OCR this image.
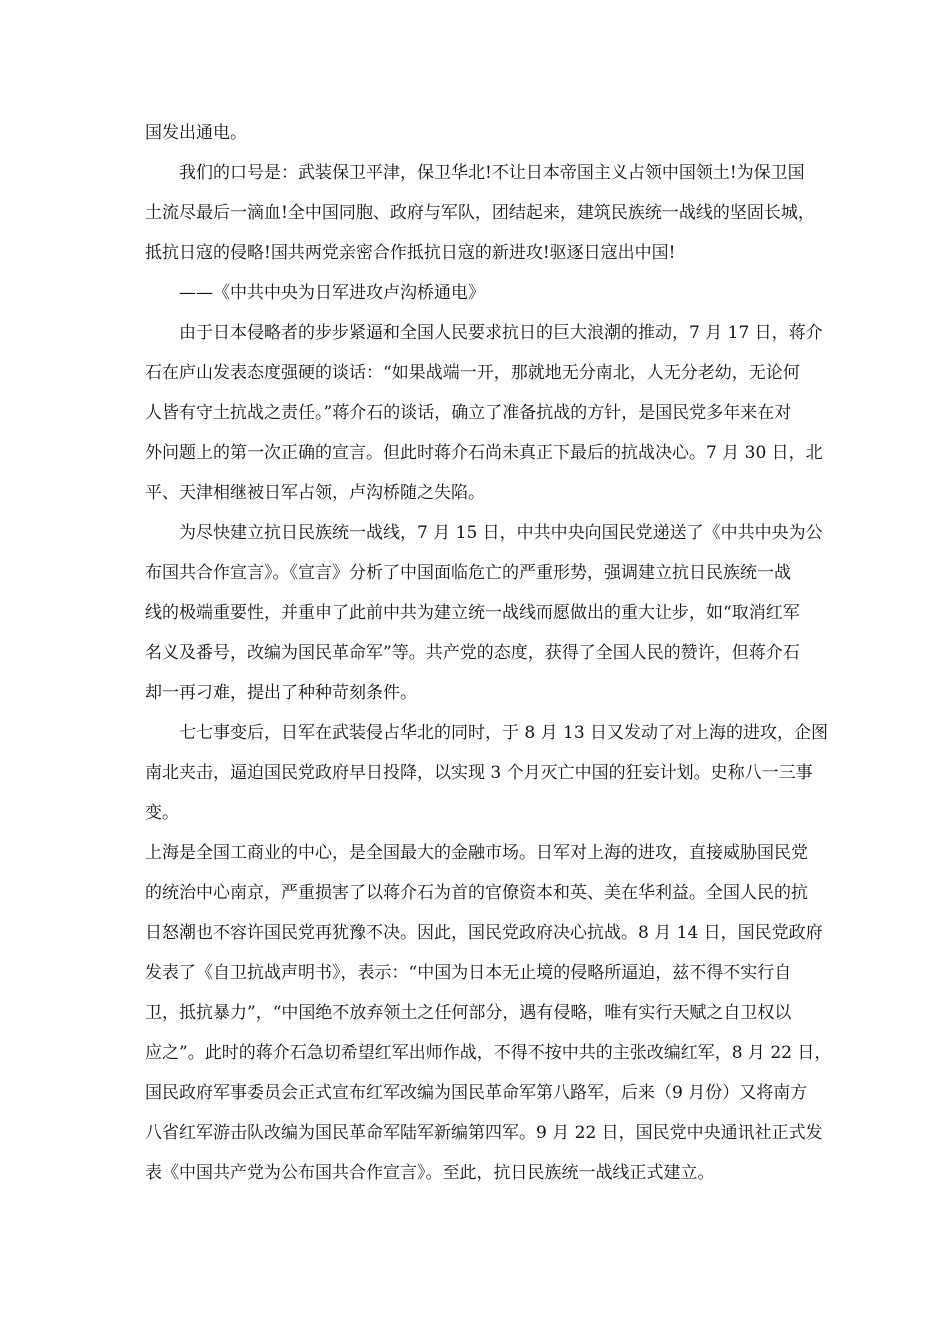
国发出通电。
我们的口号是：武装保卫平津，保卫华北!不让日本帝国主义占领中国领土!为保卫国
土流尽最后一滴血!全中国同胞、政府与军队，团结起来，建筑民族统一战线的坚固长城，
抵抗日寇的侵略!国共两党亲密合作抵抗日寇的新进攻!驱逐日寇出中国!
——《中共中央为日军进攻卢沟桥通电》
由于日本侵略者的步步紧逼和全国人民要求抗日的巨大浪潮的推动，7 月 17 日，蒋介
石在庐山发表态度强硬的谈话：“如果战端一开，那就地无分南北，人无分老幼，无论何
人皆有守土抗战之责任。”蒋介石的谈话，确立了准备抗战的方针，是国民党多年来在对
外问题上的第一次正确的宣言。但此时蒋介石尚未真正下最后的抗战决心。7 月 30 日，北
平、天津相继被日军占领，卢沟桥随之失陷。
为尽快建立抗日民族统一战线，7 月 15 日，中共中央向国民党递送了《中共中央为公
布国共合作宣言》。《宣言》分析了中国面临危亡的严重形势，强调建立抗日民族统一战
线的极端重要性，并重申了此前中共为建立统一战线而愿做出的重大让步，如“取消红军
名义及番号，改编为国民革命军”等。共产党的态度，获得了全国人民的赞许，但蒋介石
却一再刁难，提出了种种苛刻条件。
七七事变后，日军在武装侵占华北的同时，于 8 月 13 日又发动了对上海的进攻，企图
南北夹击，逼迫国民党政府早日投降，以实现 3 个月灭亡中国的狂妄计划。史称八一三事
变。
上海是全国工商业的中心，是全国最大的金融市场。日军对上海的进攻，直接威胁国民党
的统治中心南京，严重损害了以蒋介石为首的官僚资本和英、美在华利益。全国人民的抗
日怒潮也不容许国民党再犹豫不决。因此，国民党政府决心抗战。8 月 14 日，国民党政府
发表了《自卫抗战声明书》，表示：“中国为日本无止境的侵略所逼迫，兹不得不实行自
卫，抵抗暴力”，“中国绝不放弃领土之任何部分，遇有侵略，唯有实行天赋之自卫权以
应之”。此时的蒋介石急切希望红军出师作战，不得不按中共的主张改编红军，8 月 22 日，
国民政府军事委员会正式宣布红军改编为国民革命军第八路军，后来（9 月份）又将南方
八省红军游击队改编为国民革命军陆军新编第四军。9 月 22 日，国民党中央通讯社正式发
表《中国共产党为公布国共合作宣言》。至此，抗日民族统一战线正式建立。
